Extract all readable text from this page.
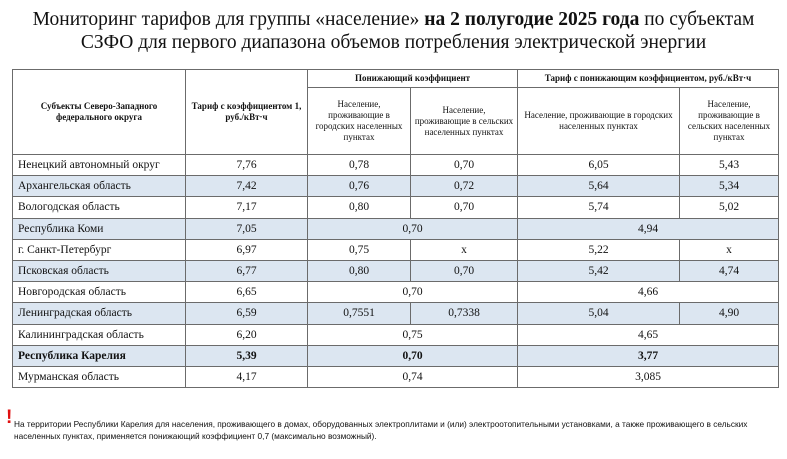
Мониторинг тарифов для группы «население» на 2 полугодие 2025 года по субъектам
СЗФО для первого диапазона объемов потребления электрической энергии
Субъекты Северо-Западного федерального округа	Тариф с коэффициентом 1, руб./кВт·ч	Понижающий коэффициент		Тариф с понижающим коэффициентом, руб./кВт·ч	
		Население, проживающие в городских населенных пунктах	Население, проживающие в сельских населенных пунктах	Население, проживающие в городских населенных пунктах	Население, проживающие в сельских населенных пунктах
Ненецкий автономный округ	7,76	0,78	0,70	6,05	5,43
Архангельская область	7,42	0,76	0,72	5,64	5,34
Вологодская область	7,17	0,80	0,70	5,74	5,02
Республика Коми	7,05	0,70		4,94	
г. Санкт-Петербург	6,97	0,75	x	5,22	x
Псковская область	6,77	0,80	0,70	5,42	4,74
Новгородская область	6,65	0,70		4,66	
Ленинградская область	6,59	0,7551	0,7338	5,04	4,90
Калининградская область	6,20	0,75		4,65	
Республика Карелия	5,39	0,70		3,77	
Мурманская область	4,17	0,74		3,085	
! На территории Республики Карелия для населения, проживающего в домах, оборудованных электроплитами и (или) электроотопительными установками, а также проживающего в сельских населенных пунктах, применяется понижающий коэффициент 0,7 (максимально возможный).
